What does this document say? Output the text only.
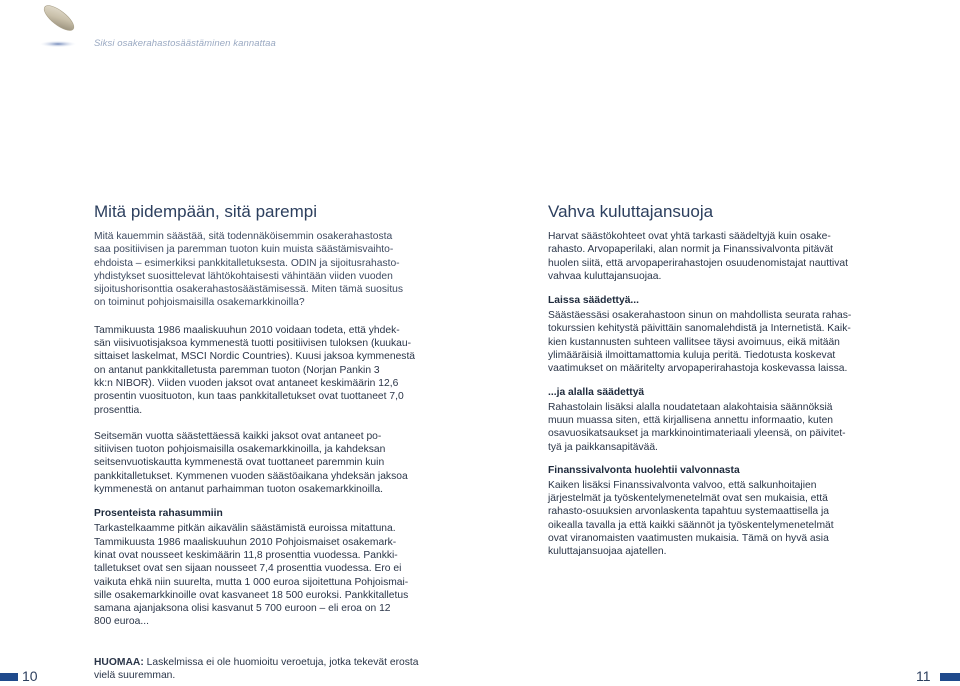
Siksi osakerahastosäästäminen kannattaa
Mitä pidempään, sitä parempi

Mitä kauemmin säästää, sitä todennäköisemmin osakerahastosta

saa positiivisen ja paremman tuoton kuin muista säästämisvaihto-

ehdoista – esimerkiksi pankkitalletuksesta. ODIN ja sijoitusrahasto-

yhdistykset suosittelevat lähtökohtaisesti vähintään viiden vuoden

sijoitushorisonttia osakerahastosäästämisessä. Miten tämä suositus

on toiminut pohjoismaisilla osakemarkkinoilla?

Tammikuusta 1986 maaliskuuhun 2010 voidaan todeta, että yhdek-

sän viisivuotisjaksoa kymmenestä tuotti positiivisen tuloksen (kuukau-

sittaiset laskelmat, MSCI Nordic Countries). Kuusi jaksoa kymmenestä

on antanut pankkitalletusta paremman tuoton (Norjan Pankin 3

kk:n NIBOR). Viiden vuoden jaksot ovat antaneet keskimäärin 12,6

prosentin vuosituoton, kun taas pankkitalletukset ovat tuottaneet 7,0

prosenttia.

Seitsemän vuotta säästettäessä kaikki jaksot ovat antaneet po-

sitiivisen tuoton pohjoismaisilla osakemarkkinoilla, ja kahdeksan

seitsenvuotiskautta kymmenestä ovat tuottaneet paremmin kuin

pankkitalletukset. Kymmenen vuoden säästöaikana yhdeksän jaksoa

kymmenestä on antanut parhaimman tuoton osakemarkkinoilla.

Prosenteista rahasummiin

Tarkastelkaamme pitkän aikavälin säästämistä euroissa mitattuna.

Tammikuusta 1986 maaliskuuhun 2010 Pohjoismaiset osakemark-

kinat ovat nousseet keskimäärin 11,8 prosenttia vuodessa. Pankki-

talletukset ovat sen sijaan nousseet 7,4 prosenttia vuodessa. Ero ei

vaikuta ehkä niin suurelta, mutta 1 000 euroa sijoitettuna Pohjoismai-

sille osakemarkkinoille ovat kasvaneet 18 500 euroksi. Pankkitalletus

samana ajanjaksona olisi kasvanut 5 700 euroon – eli eroa on 12

800 euroa...

HUOMAA: Laskelmissa ei ole huomioitu veroetuja, jotka tekevät erosta vielä suuremman.
Vahva kuluttajansuoja

Harvat säästökohteet ovat yhtä tarkasti säädeltyjä kuin osake-

rahasto. Arvopaperilaki, alan normit ja Finanssivalvonta pitävät

huolen siitä, että arvopaperirahastojen osuudenomistajat nauttivat

vahvaa kuluttajansuojaa.

Laissa säädettyä...

Säästäessäsi osakerahastoon sinun on mahdollista seurata rahas-

tokurssien kehitystä päivittäin sanomalehdistä ja Internetistä. Kaik-

kien kustannusten suhteen vallitsee täysi avoimuus, eikä mitään

ylimääräisiä ilmoittamattomia kuluja peritä. Tiedotusta koskevat

vaatimukset on määritelty arvopaperirahastoja koskevassa laissa.

...ja alalla säädettyä

Rahastolain lisäksi alalla noudatetaan alakohtaisia säännöksiä

muun muassa siten, että kirjallisena annettu informaatio, kuten

osavuosikatsaukset ja markkinointimateriaali yleensä, on päivitet-

tyä ja paikkansapitävää.

Finanssivalvonta huolehtii valvonnasta

Kaiken lisäksi Finanssivalvonta valvoo, että salkunhoitajien

järjestelmät ja työskentelymenetelmät ovat sen mukaisia, että

rahasto-osuuksien arvonlaskenta tapahtuu systemaattisella ja

oikealla tavalla ja että kaikki säännöt ja työskentelymenetelmät

ovat viranomaisten vaatimusten mukaisia. Tämä on hyvä asia

kuluttajansuojaa ajatellen.

10	11
